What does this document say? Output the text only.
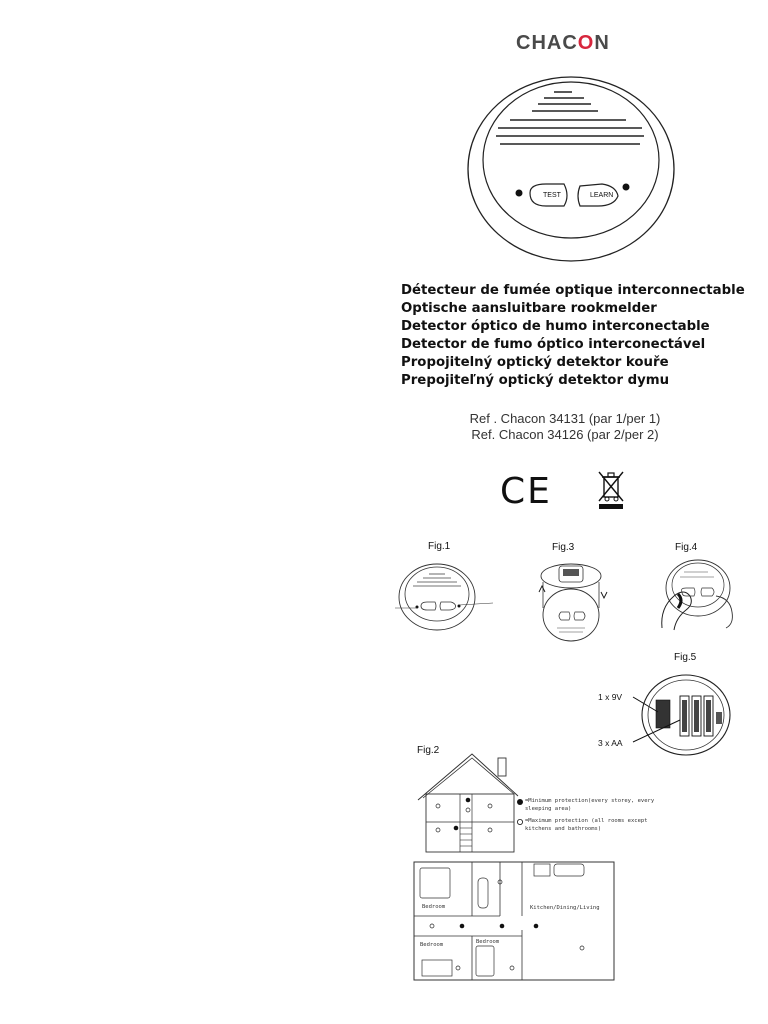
CHACON
TEST	LEARN
Détecteur de fumée optique interconnectable
Optische aansluitbare rookmelder
Detector óptico de humo interconectable
Detector de fumo óptico interconectável
Propojitelný optický detektor kouře
Prepojiteľný optický detektor dymu
Ref . Chacon 34131 (par 1/per 1)
Ref. Chacon 34126 (par 2/per 2)
CE
Fig.1	Fig.3	Fig.4
Fig.5
Fig.2
1 x 9V
3 x AA
=Minimum protection(every storey, every
sleeping area)
=Maximum protection (all rooms except
kitchens and bathrooms)
Bedroom
Bedroom	Bedroom
Kitchen/Dining/Living
